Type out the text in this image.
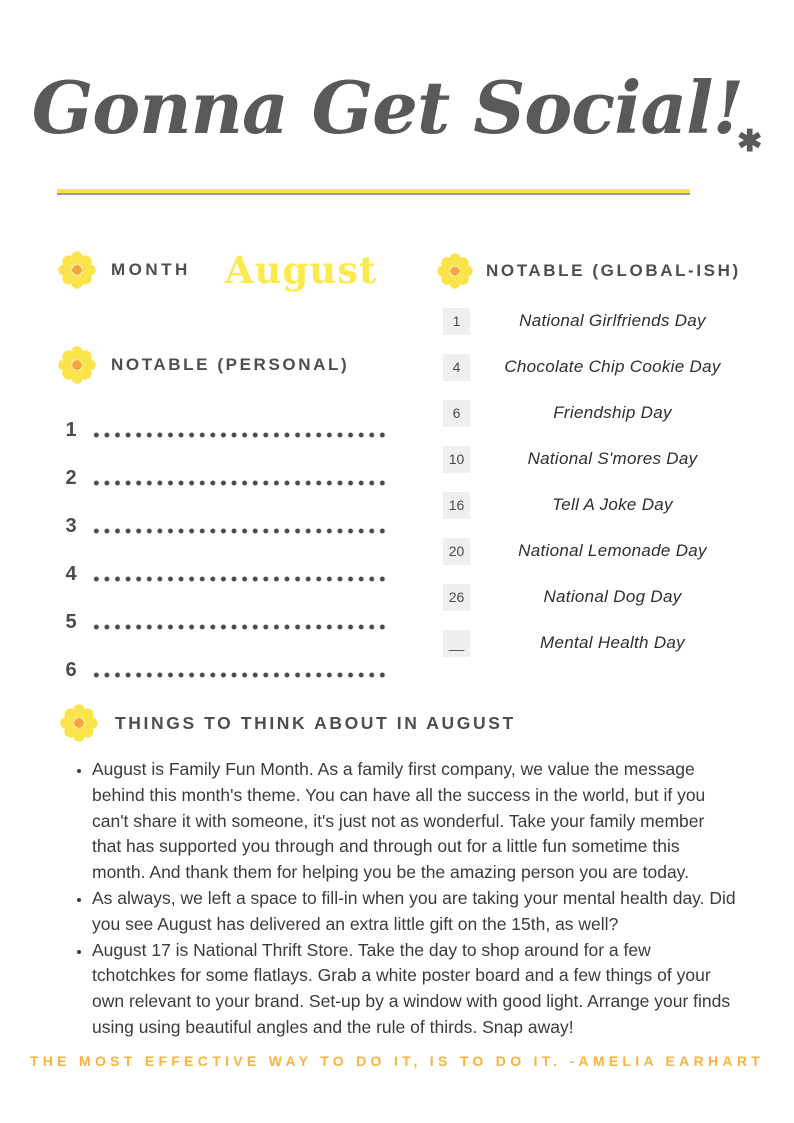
Gonna Get $Social!_✱$
MONTH August	NOTABLE (GLOBAL-ISH)
1	National Girlfriends Day
4	Chocolate Chip Cookie Day
6	Friendship Day
10	National S'mores Day
16	Tell A Joke Day
20	National Lemonade Day
26	National Dog Day
__	Mental Health Day
NOTABLE (PERSONAL)
1
2
3
4
5
6
THINGS TO THINK ABOUT IN AUGUST
• August is Family Fun Month. As a family first company, we value the message behind this month's theme. You can have all the success in the world, but if you can't share it with someone, it's just not as wonderful. Take your family member that has supported you through and through out for a little fun sometime this month. And thank them for helping you be the amazing person you are today.
• As always, we left a space to fill-in when you are taking your mental health day. Did you see August has delivered an extra little gift on the 15th, as well?
• August 17 is National Thrift Store. Take the day to shop around for a few tchotchkes for some flatlays. Grab a white poster board and a few things of your own relevant to your brand. Set-up by a window with good light. Arrange your finds using using beautiful angles and the rule of thirds. Snap away!
THE MOST EFFECTIVE WAY TO DO IT, IS TO DO IT. -AMELIA EARHART
